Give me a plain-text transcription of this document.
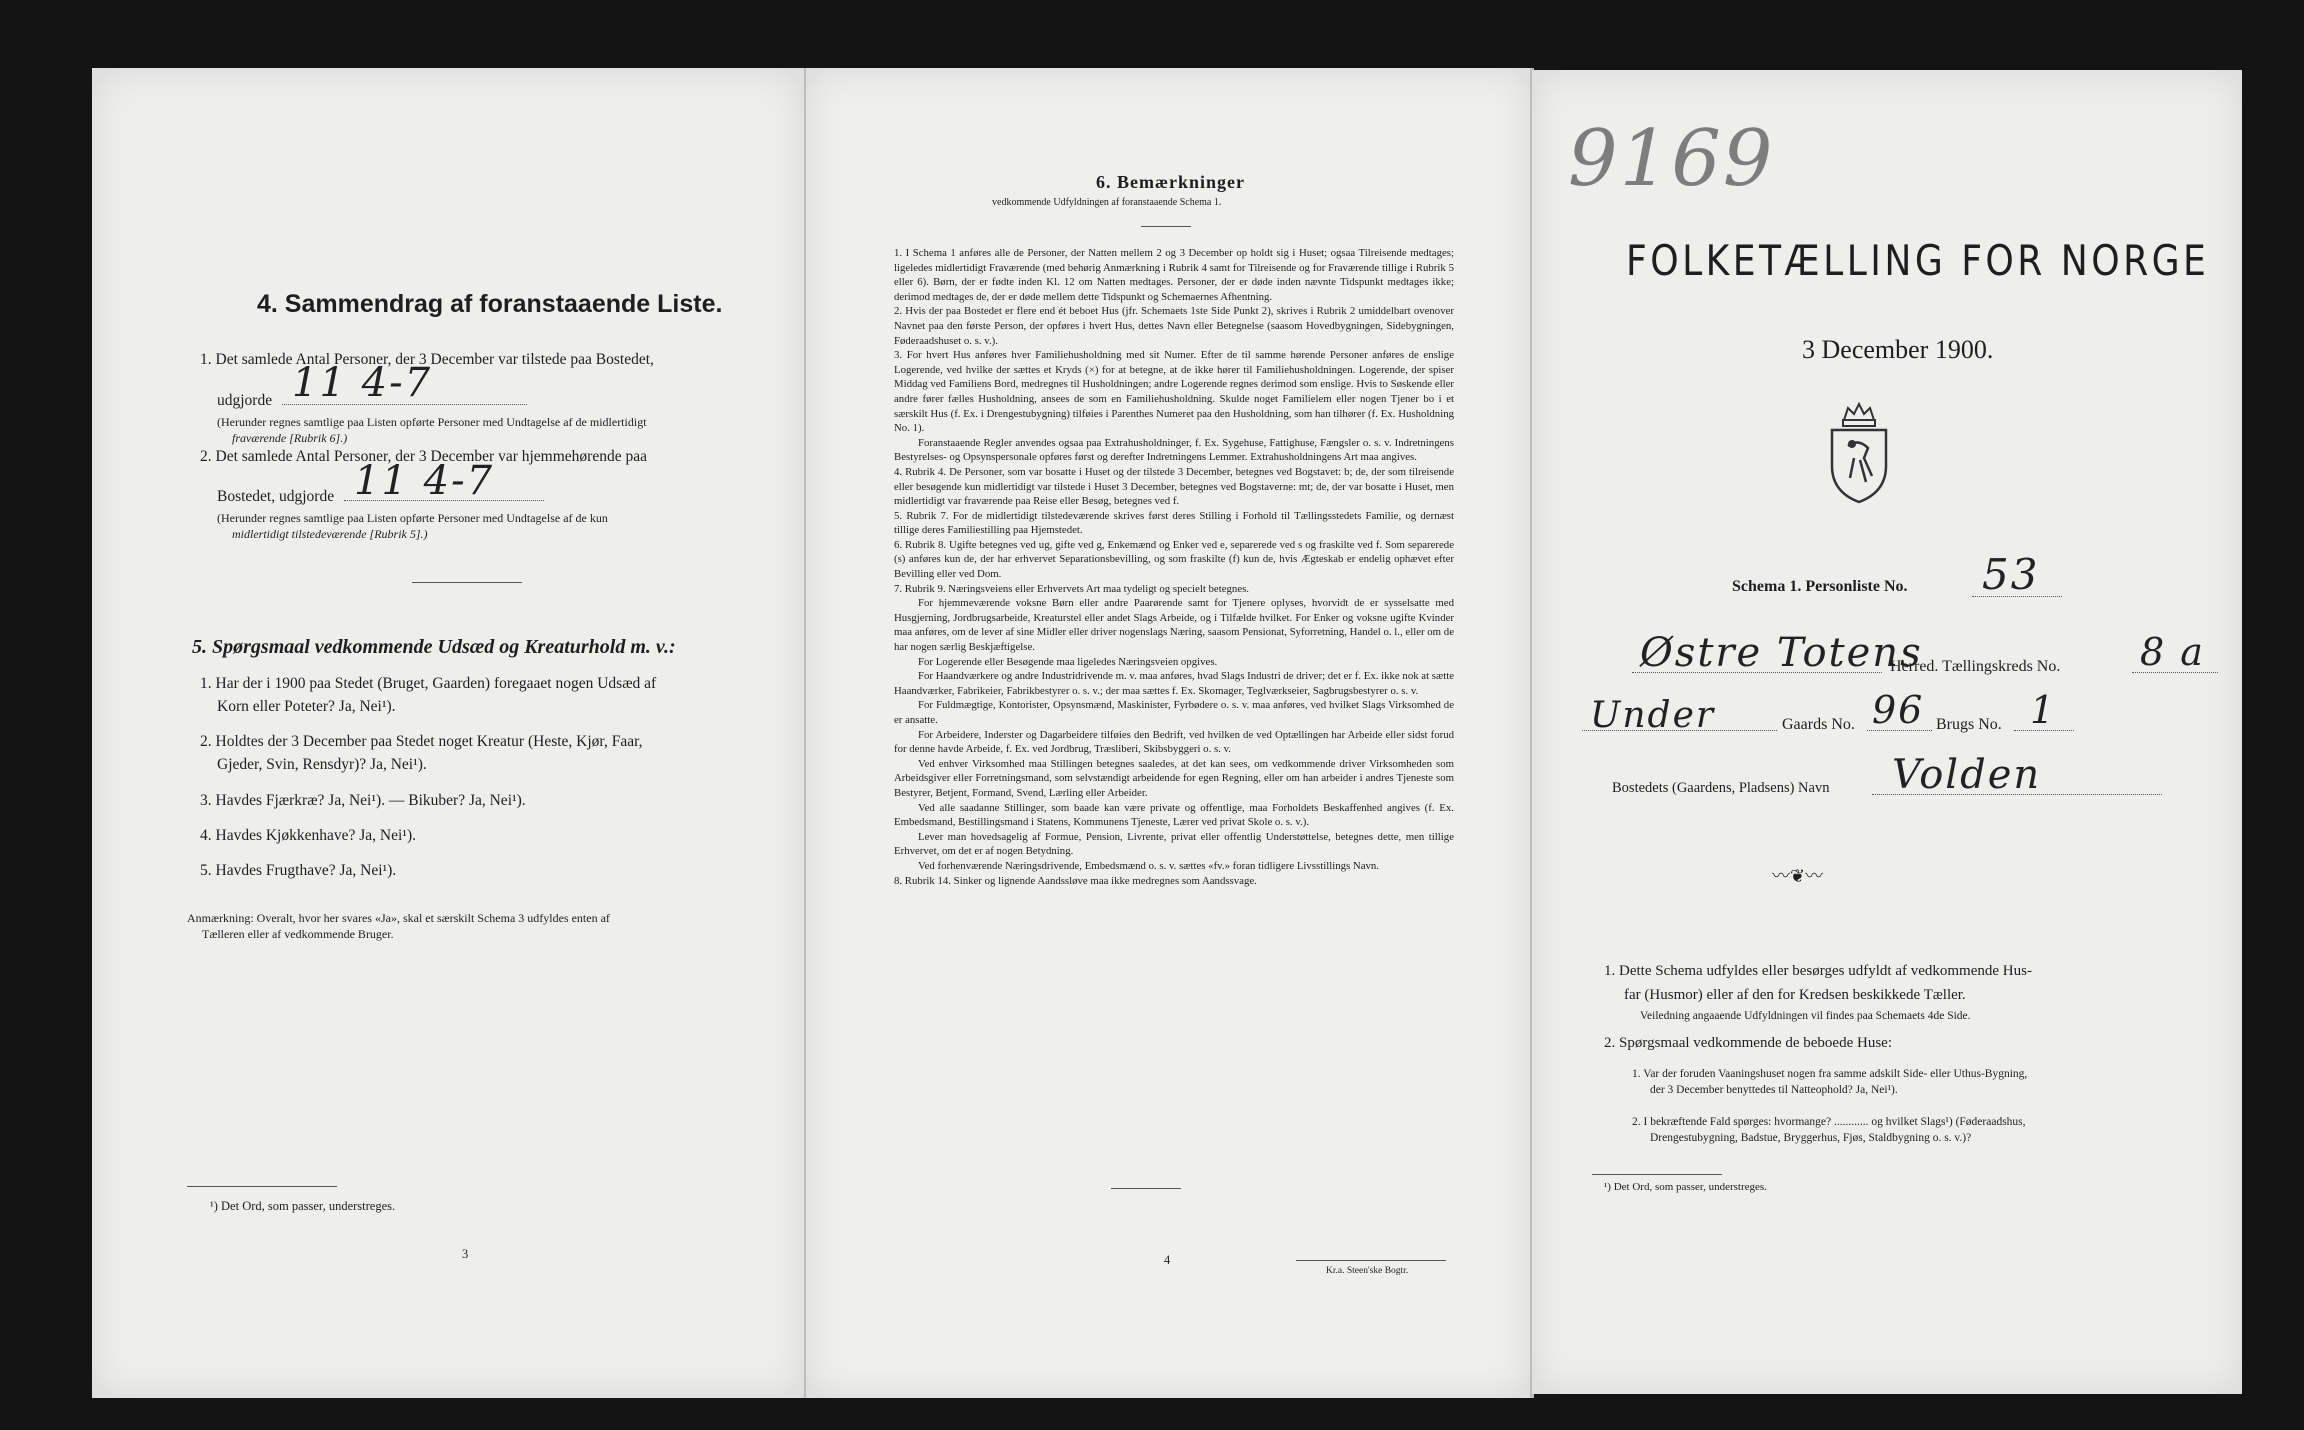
4. Sammendrag af foranstaaende Liste.
1. Det samlede Antal Personer, der 3 December var tilstede paa Bostedet,
udgjorde 11 4-7
(Herunder regnes samtlige paa Listen opførte Personer med Undtagelse af de midlertidigt
fraværende [Rubrik 6].)
2. Det samlede Antal Personer, der 3 December var hjemmehørende paa
Bostedet, udgjorde 11 4-7
(Herunder regnes samtlige paa Listen opførte Personer med Undtagelse af de kun
midlertidigt tilstedeværende [Rubrik 5].)
5. Spørgsmaal vedkommende Udsæd og Kreaturhold m. v.:
1. Har der i 1900 paa Stedet (Bruget, Gaarden) foregaaet nogen Udsæd af
Korn eller Poteter? Ja, Nei¹).
2. Holdtes der 3 December paa Stedet noget Kreatur (Heste, Kjør, Faar,
Gjeder, Svin, Rensdyr)? Ja, Nei¹).
3. Havdes Fjærkræ? Ja, Nei¹). — Bikuber? Ja, Nei¹).
4. Havdes Kjøkkenhave? Ja, Nei¹).
5. Havdes Frugthave? Ja, Nei¹).
Anmærkning: Overalt, hvor her svares «Ja», skal et særskilt Schema 3 udfyldes enten af
Tælleren eller af vedkommende Bruger.
¹) Det Ord, som passer, understreges.
3
6. Bemærkninger
vedkommende Udfyldningen af foranstaaende Schema 1.
1. I Schema 1 anføres alle de Personer, der Natten mellem 2 og 3 December op holdt sig i Huset; ogsaa Tilreisende medtages; ligeledes midlertidigt Fraværende (med behørig Anmærkning i Rubrik 4 samt for Tilreisende og for Fraværende tillige i Rubrik 5 eller 6). Børn, der er fødte inden Kl. 12 om Natten medtages. Personer, der er døde inden nævnte Tidspunkt medtages ikke; derimod medtages de, der er døde mellem dette Tidspunkt og Schemaernes Afhentning.
2. Hvis der paa Bostedet er flere end ét beboet Hus (jfr. Schemaets 1ste Side Punkt 2), skrives i Rubrik 2 umiddelbart ovenover Navnet paa den første Person, der opføres i hvert Hus, dettes Navn eller Betegnelse (saasom Hovedbygningen, Sidebygningen, Føderaadshuset o. s. v.).
3. For hvert Hus anføres hver Familiehusholdning med sit Numer. Efter de til samme hørende Personer anføres de enslige Logerende, ved hvilke der sættes et Kryds (×) for at betegne, at de ikke hører til Familiehusholdningen. Logerende, der spiser Middag ved Familiens Bord, medregnes til Husholdningen; andre Logerende regnes derimod som enslige. Hvis to Søskende eller andre fører fælles Husholdning, ansees de som en Familiehusholdning. Skulde noget Familielem eller nogen Tjener bo i et særskilt Hus (f. Ex. i Drengestubygning) tilføies i Parenthes Numeret paa den Husholdning, som han tilhører (f. Ex. Husholdning No. 1).
Foranstaaende Regler anvendes ogsaa paa Extrahusholdninger, f. Ex. Sygehuse, Fattighuse, Fængsler o. s. v. Indretningens Bestyrelses- og Opsynspersonale opføres først og derefter Indretningens Lemmer. Extrahusholdningens Art maa angives.
4. Rubrik 4. De Personer, som var bosatte i Huset og der tilstede 3 December, betegnes ved Bogstavet: b; de, der som tilreisende eller besøgende kun midlertidigt var tilstede i Huset 3 December, betegnes ved Bogstaverne: mt; de, der var bosatte i Huset, men midlertidigt var fraværende paa Reise eller Besøg, betegnes ved f.
5. Rubrik 7. For de midlertidigt tilstedeværende skrives først deres Stilling i Forhold til Tællingsstedets Familie, og dernæst tillige deres Familiestilling paa Hjemstedet.
6. Rubrik 8. Ugifte betegnes ved ug, gifte ved g, Enkemænd og Enker ved e, separerede ved s og fraskilte ved f. Som separerede (s) anføres kun de, der har erhvervet Separationsbevilling, og som fraskilte (f) kun de, hvis Ægteskab er endelig ophævet efter Bevilling eller ved Dom.
7. Rubrik 9. Næringsveiens eller Erhvervets Art maa tydeligt og specielt betegnes.
For hjemmeværende voksne Børn eller andre Paarørende samt for Tjenere oplyses, hvorvidt de er sysselsatte med Husgjerning, Jordbrugsarbeide, Kreaturstel eller andet Slags Arbeide, og i Tilfælde hvilket. For Enker og voksne ugifte Kvinder maa anføres, om de lever af sine Midler eller driver nogenslags Næring, saasom Pensionat, Syforretning, Handel o. l., eller om de har nogen særlig Beskjæftigelse.
For Logerende eller Besøgende maa ligeledes Næringsveien opgives.
For Haandværkere og andre Industridrivende m. v. maa anføres, hvad Slags Industri de driver; det er f. Ex. ikke nok at sætte Haandværker, Fabrikeier, Fabrikbestyrer o. s. v.; der maa sættes f. Ex. Skomager, Teglværkseier, Sagbrugsbestyrer o. s. v.
For Fuldmægtige, Kontorister, Opsynsmænd, Maskinister, Fyrbødere o. s. v. maa anføres, ved hvilket Slags Virksomhed de er ansatte.
For Arbeidere, Inderster og Dagarbeidere tilføies den Bedrift, ved hvilken de ved Optællingen har Arbeide eller sidst forud for denne havde Arbeide, f. Ex. ved Jordbrug, Træsliberi, Skibsbyggeri o. s. v.
Ved enhver Virksomhed maa Stillingen betegnes saaledes, at det kan sees, om vedkommende driver Virksomheden som Arbeidsgiver eller Forretningsmand, som selvstændigt arbeidende for egen Regning, eller om han arbeider i andres Tjeneste som Bestyrer, Betjent, Formand, Svend, Lærling eller Arbeider.
Ved alle saadanne Stillinger, som baade kan være private og offentlige, maa Forholdets Beskaffenhed angives (f. Ex. Embedsmand, Bestillingsmand i Statens, Kommunens Tjeneste, Lærer ved privat Skole o. s. v.).
Lever man hovedsagelig af Formue, Pension, Livrente, privat eller offentlig Understøttelse, betegnes dette, men tillige Erhvervet, om det er af nogen Betydning.
Ved forhenværende Næringsdrivende, Embedsmænd o. s. v. sættes «fv.» foran tidligere Livsstillings Navn.
8. Rubrik 14. Sinker og lignende Aandssløve maa ikke medregnes som Aandssvage.
4
Kr.a. Steen'ske Bogtr.
9169
FOLKETÆLLING FOR NORGE
3 December 1900.
Schema 1. Personliste No. 53
Østre Totens
Herred. Tællingskreds No. 8 a
Under	Gaards No. 96 Brugs No. 1
Bostedets (Gaardens, Pladsens) Navn Volden
〰❦〰
1. Dette Schema udfyldes eller besørges udfyldt af vedkommende Hus-
far (Husmor) eller af den for Kredsen beskikkede Tæller.
Veiledning angaaende Udfyldningen vil findes paa Schemaets 4de Side.
2. Spørgsmaal vedkommende de beboede Huse:
1. Var der foruden Vaaningshuset nogen fra samme adskilt Side- eller Uthus-Bygning,
der 3 December benyttedes til Natteophold? Ja, Nei¹).
2. I bekræftende Fald spørges: hvormange? ............ og hvilket Slags¹) (Føderaadshus,
Drengestubygning, Badstue, Bryggerhus, Fjøs, Staldbygning o. s. v.)?
¹) Det Ord, som passer, understreges.
